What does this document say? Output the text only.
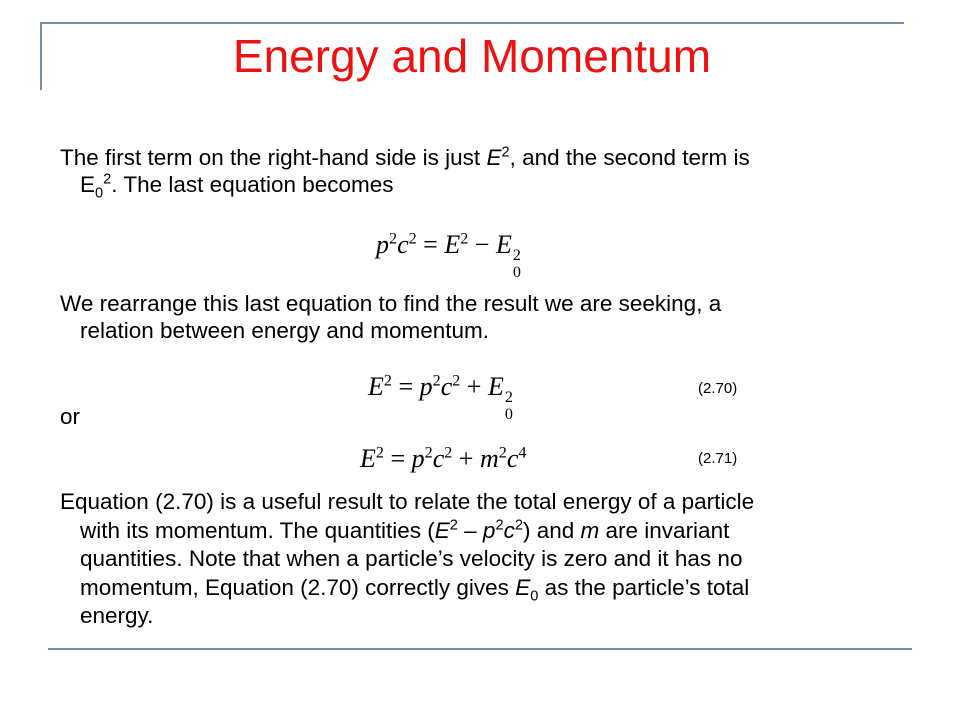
Energy and Momentum
The first term on the right-hand side is just $E^2$, and the second term is
$E_0^2$. The last equation becomes
$p^2c^2 = E^2 - E$ 2
0
We rearrange this last equation to find the result we are seeking, a
relation between energy and momentum.
$E^2 = p^2c^2 + E$ 2
0
(2.70)
or
$E^2 = p^2c^2 + m^2c^4$	(2.71)
Equation (2.70) is a useful result to relate the total energy of a particle
with its momentum. The quantities $(E^2 - p^2c^2)$ and m are invariant
quantities. Note that when a particle’s velocity is zero and it has no
momentum, Equation (2.70) correctly gives $E_0$ as the particle’s total
energy.
